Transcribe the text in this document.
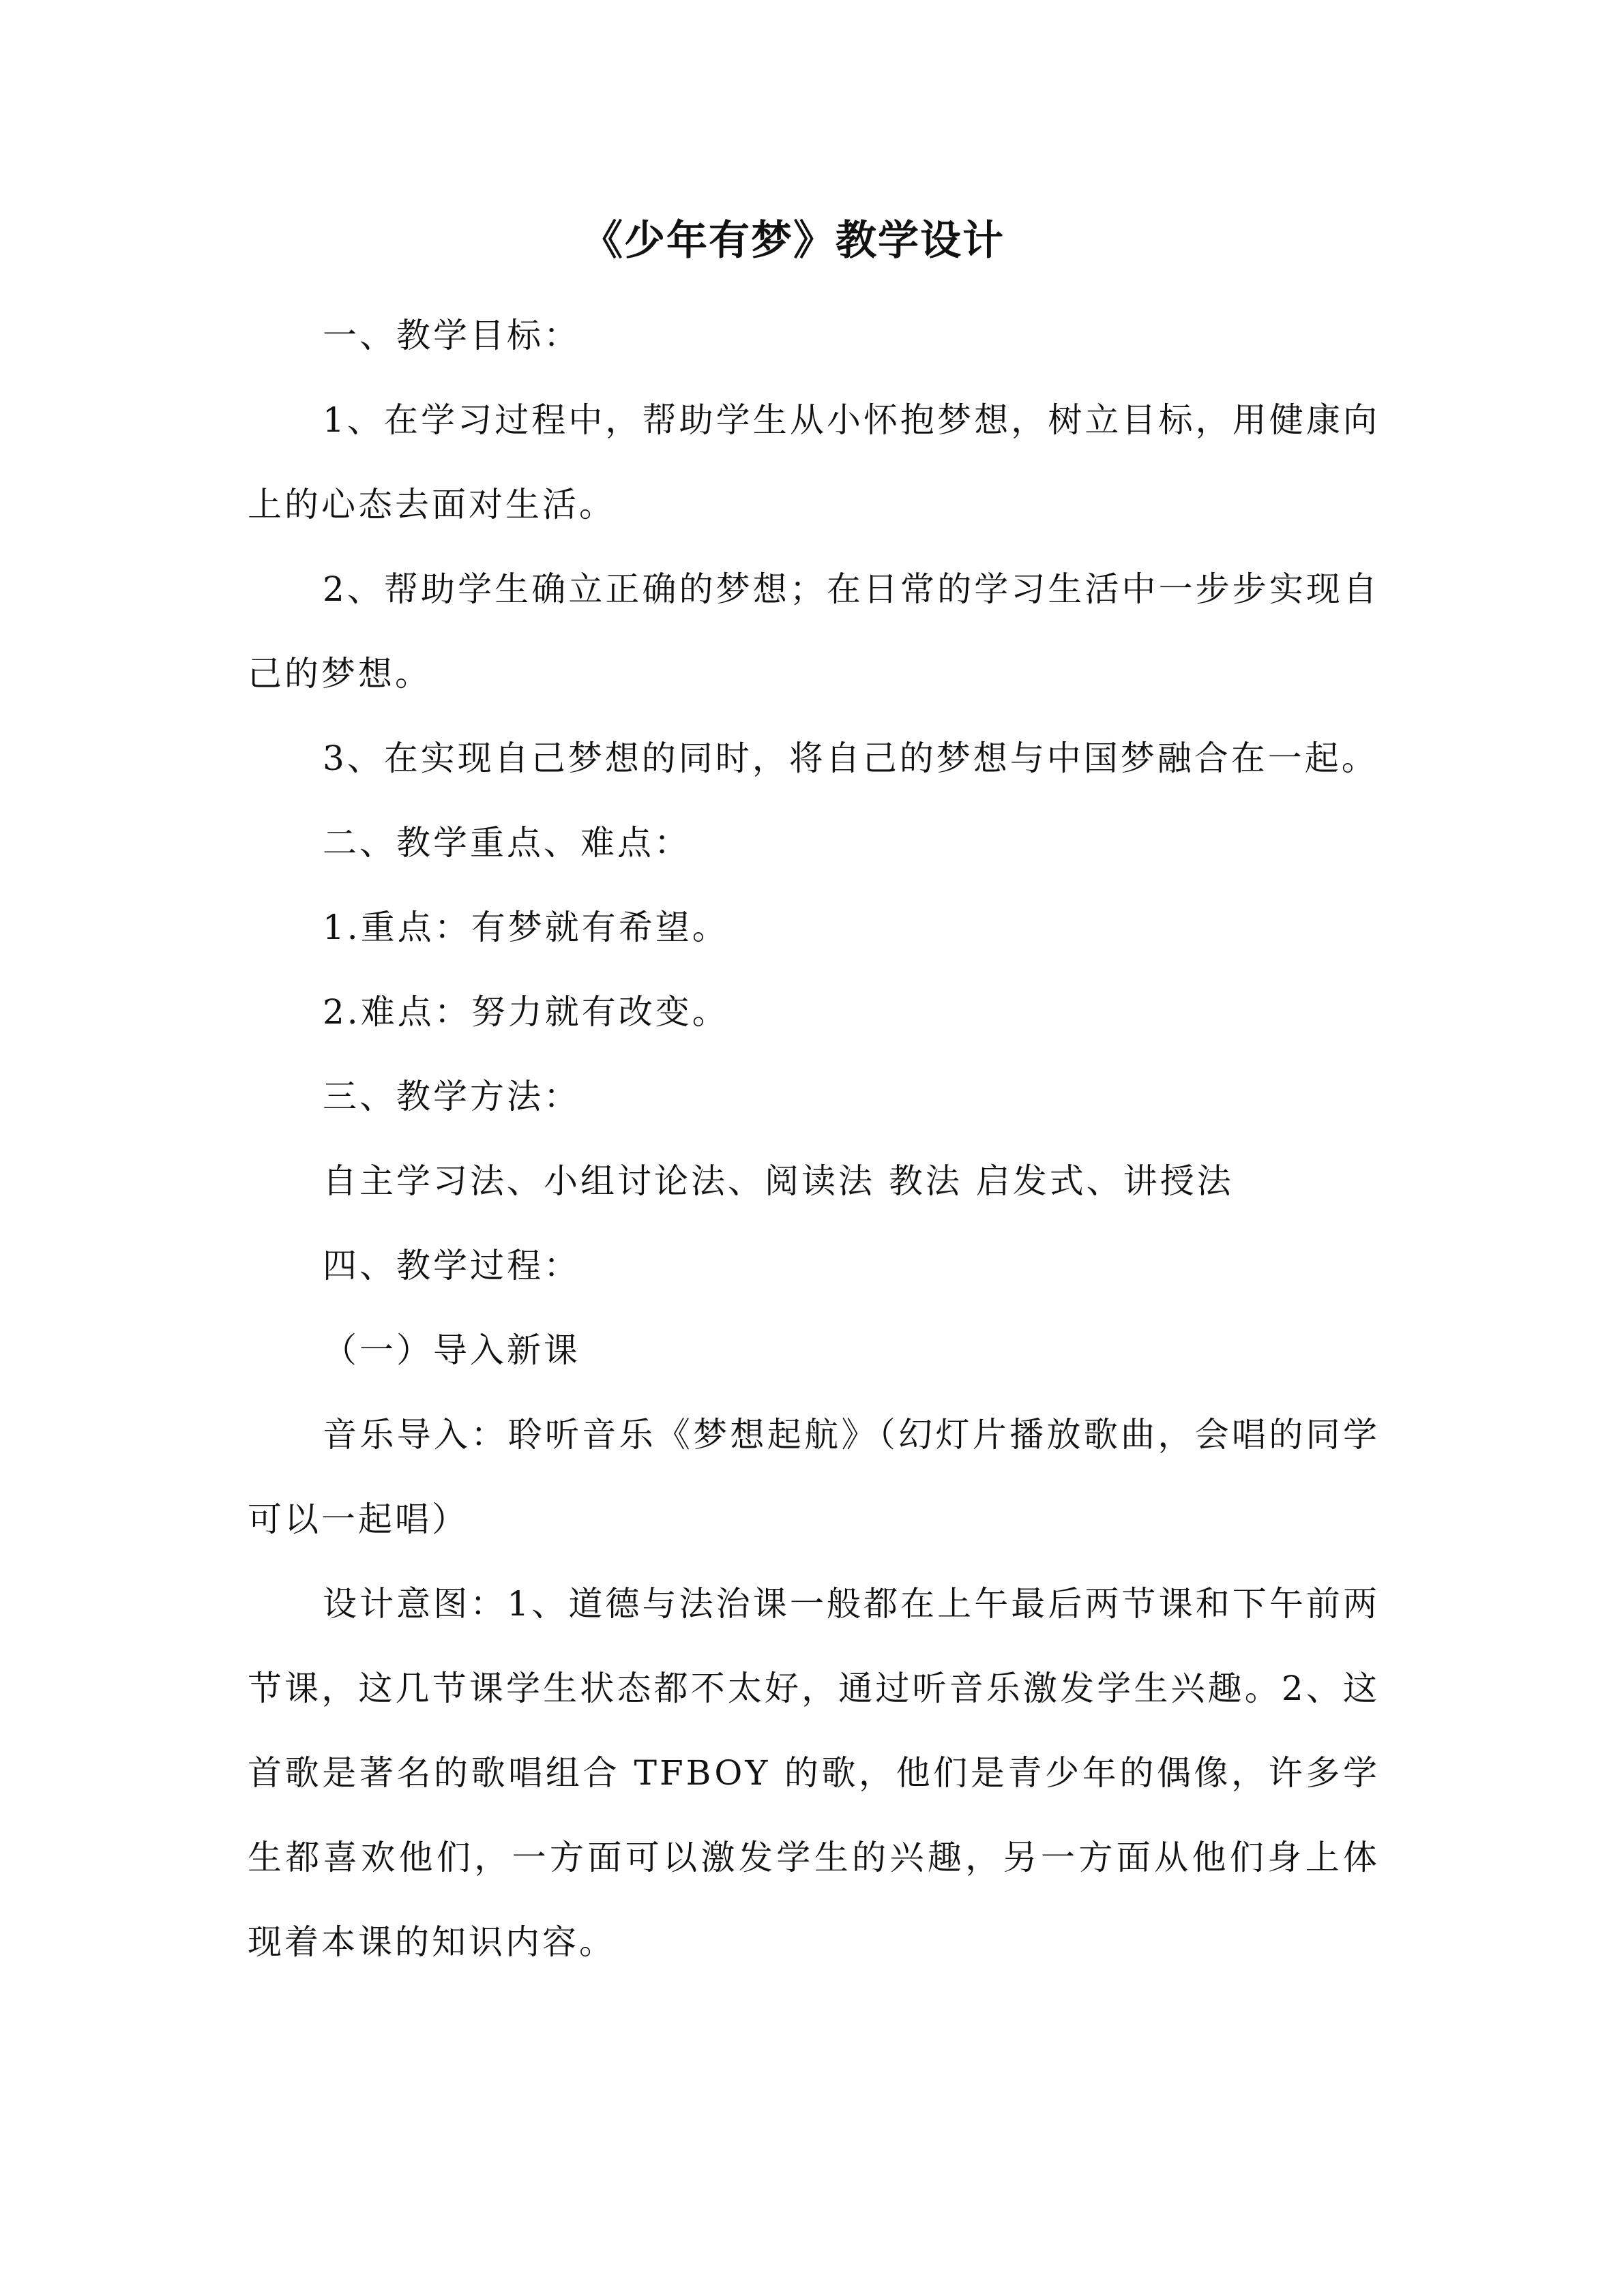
《少年有梦》教学设计

一、教学目标：

1、在学习过程中，帮助学生从小怀抱梦想，树立目标，用健康向上的心态去面对生活。

2、帮助学生确立正确的梦想；在日常的学习生活中一步步实现自己的梦想。

3、在实现自己梦想的同时，将自己的梦想与中国梦融合在一起。

二、教学重点、难点：

1.重点：有梦就有希望。

2.难点：努力就有改变。

三、教学方法：

自主学习法、小组讨论法、阅读法 教法 启发式、讲授法

四、教学过程：

（一）导入新课

音乐导入：聆听音乐《梦想起航》（幻灯片播放歌曲，会唱的同学可以一起唱）

设计意图：1、道德与法治课一般都在上午最后两节课和下午前两节课，这几节课学生状态都不太好，通过听音乐激发学生兴趣。2、这首歌是著名的歌唱组合 TFBOY 的歌，他们是青少年的偶像，许多学生都喜欢他们，一方面可以激发学生的兴趣，另一方面从他们身上体现着本课的知识内容。
